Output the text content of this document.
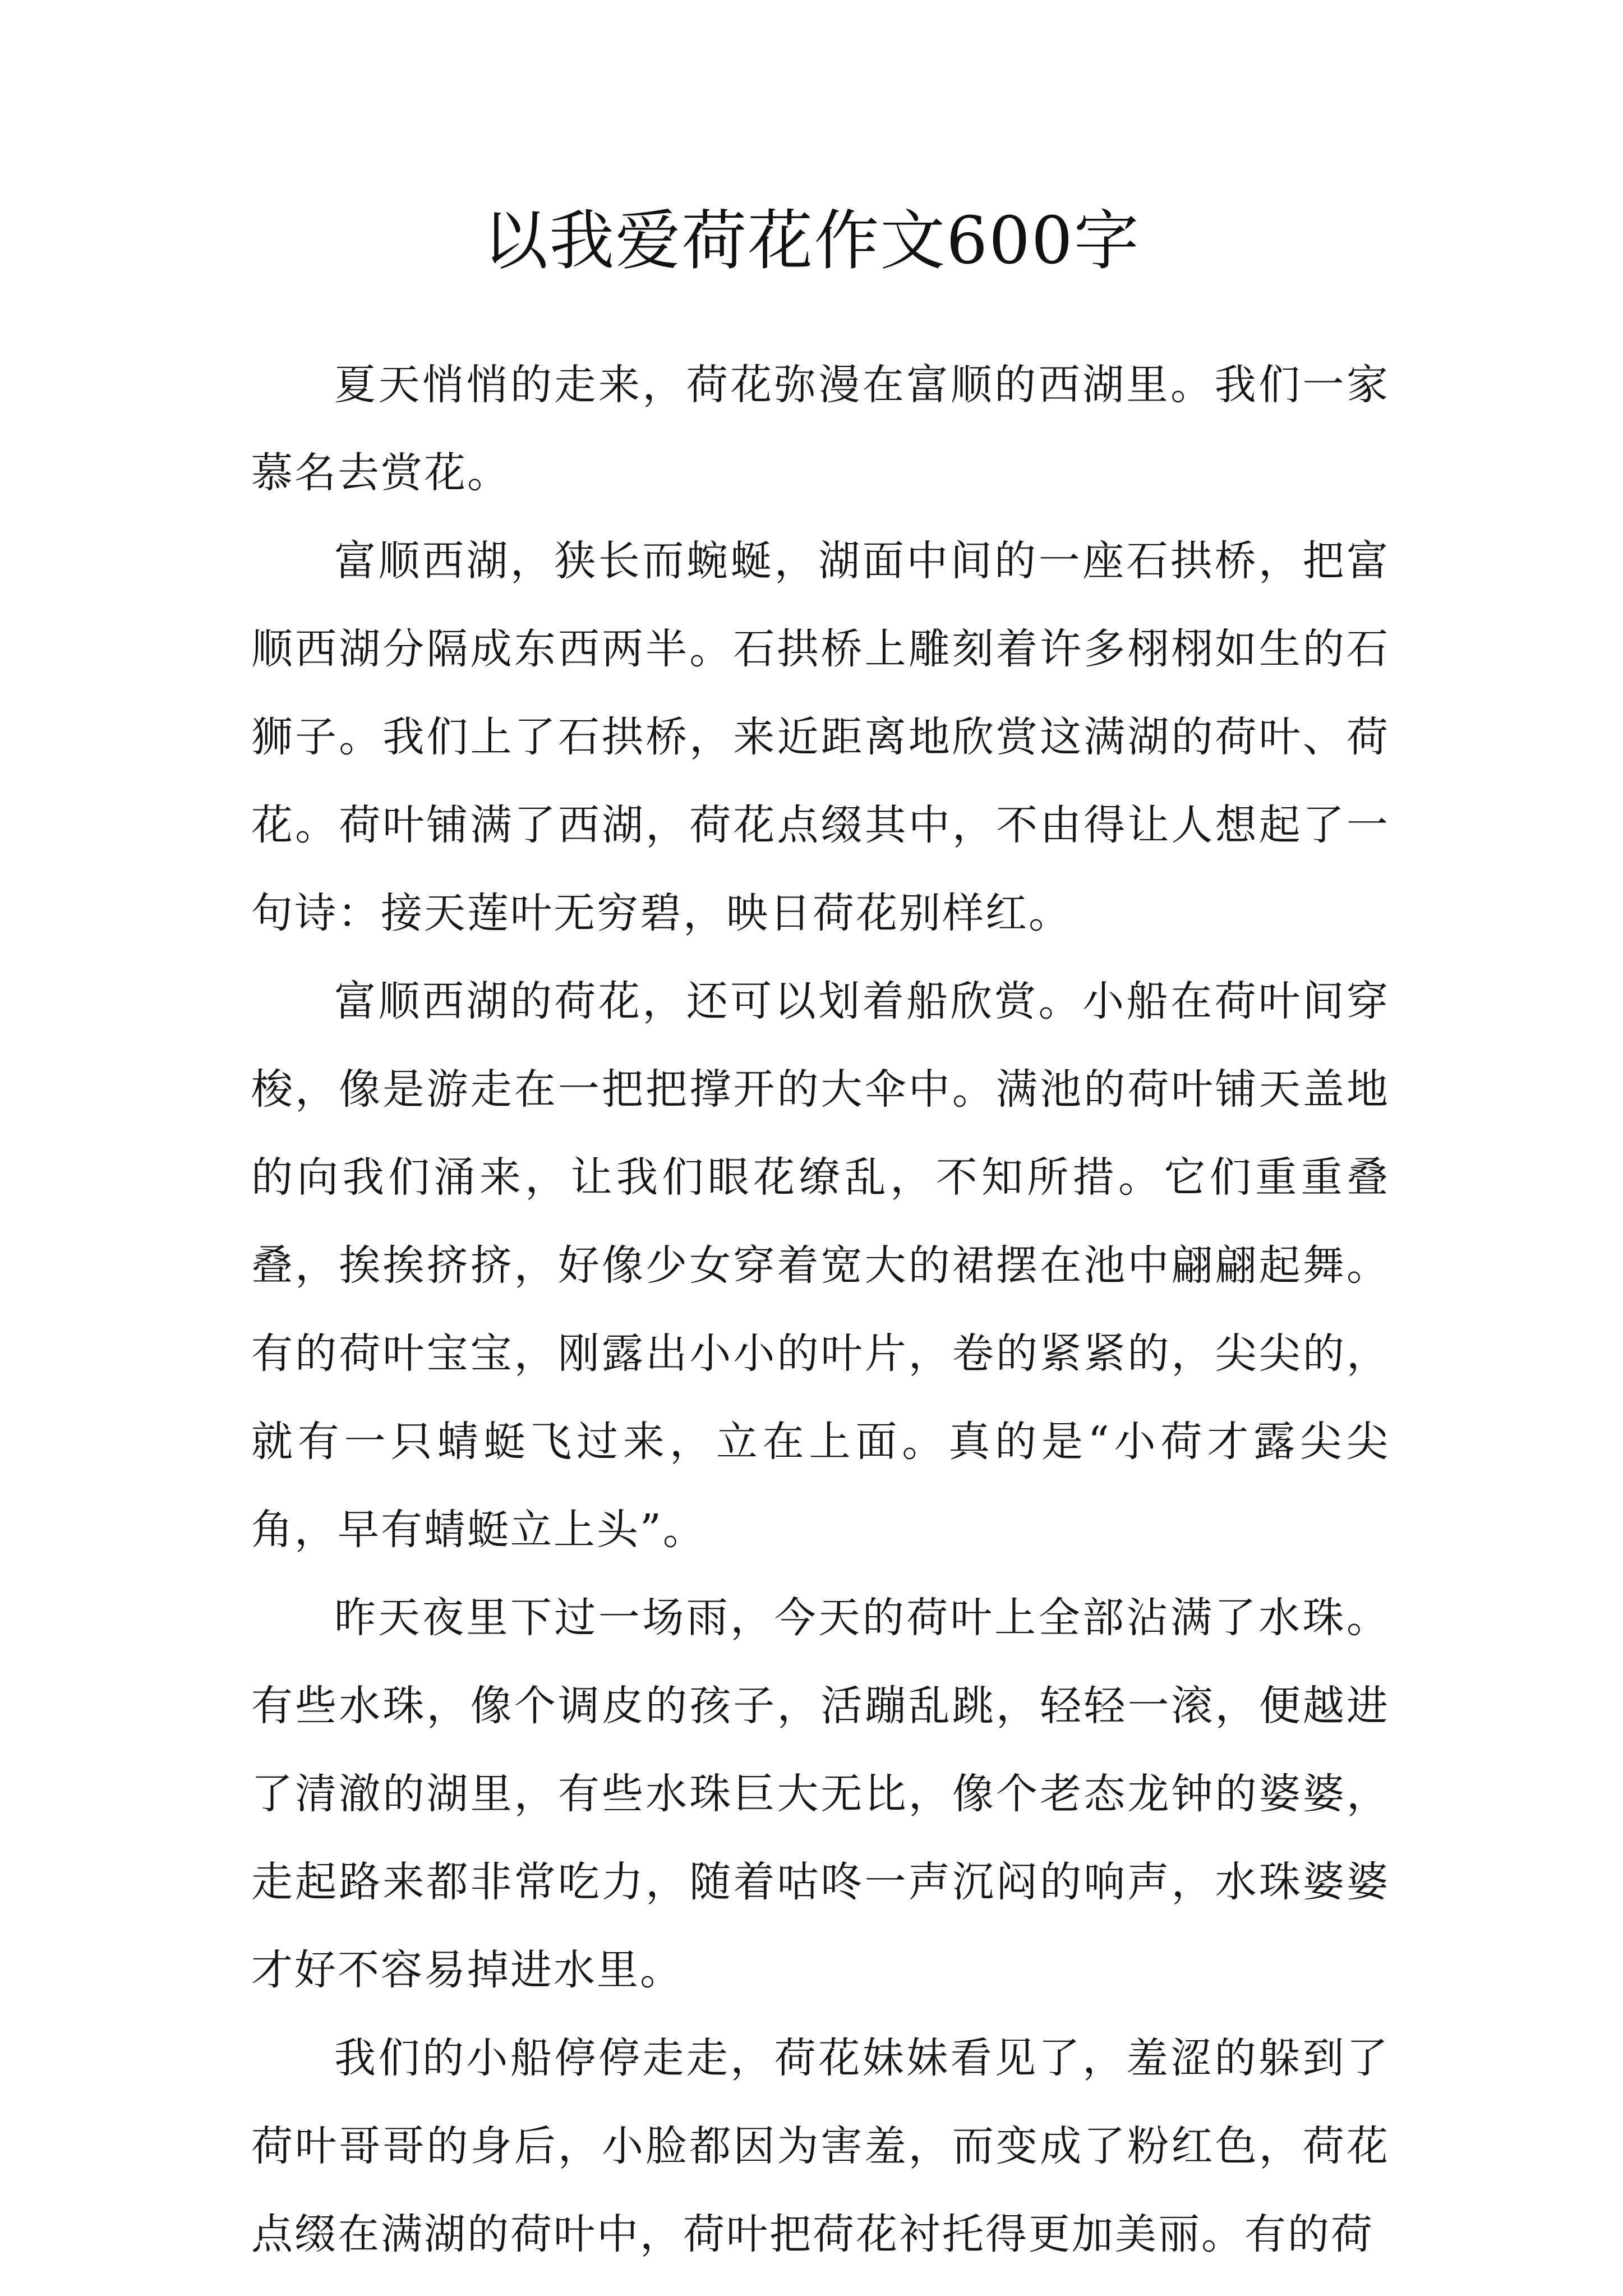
以我爱荷花作文600字

夏天悄悄的走来，荷花弥漫在富顺的西湖里。我们一家慕名去赏花。

富顺西湖，狭长而蜿蜒，湖面中间的一座石拱桥，把富顺西湖分隔成东西两半。石拱桥上雕刻着许多栩栩如生的石狮子。我们上了石拱桥，来近距离地欣赏这满湖的荷叶、荷花。荷叶铺满了西湖，荷花点缀其中，不由得让人想起了一句诗：接天莲叶无穷碧，映日荷花别样红。

富顺西湖的荷花，还可以划着船欣赏。小船在荷叶间穿梭，像是游走在一把把撑开的大伞中。满池的荷叶铺天盖地的向我们涌来，让我们眼花缭乱，不知所措。它们重重叠叠，挨挨挤挤，好像少女穿着宽大的裙摆在池中翩翩起舞。有的荷叶宝宝，刚露出小小的叶片，卷的紧紧的，尖尖的，就有一只蜻蜓飞过来，立在上面。真的是“小荷才露尖尖角，早有蜻蜓立上头”。

昨天夜里下过一场雨，今天的荷叶上全部沾满了水珠。有些水珠，像个调皮的孩子，活蹦乱跳，轻轻一滚，便越进了清澈的湖里，有些水珠巨大无比，像个老态龙钟的婆婆，走起路来都非常吃力，随着咕咚一声沉闷的响声，水珠婆婆才好不容易掉进水里。

我们的小船停停走走，荷花妹妹看见了，羞涩的躲到了荷叶哥哥的身后，小脸都因为害羞，而变成了粉红色，荷花点缀在满湖的荷叶中，荷叶把荷花衬托得更加美丽。有的荷
